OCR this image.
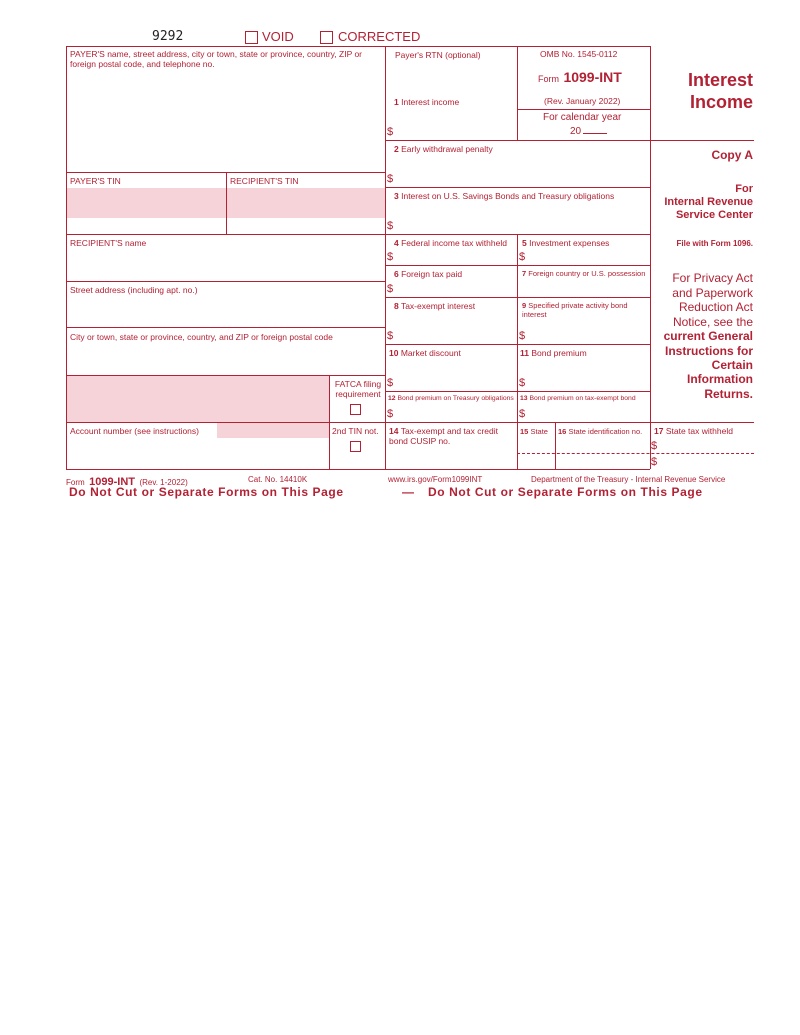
9292	VOID	CORRECTED
PAYER'S name, street address, city or town, state or province, country, ZIP or foreign postal code, and telephone no.
PAYER'S TIN	RECIPIENT'S TIN
RECIPIENT'S name
Street address (including apt. no.)
City or town, state or province, country, and ZIP or foreign postal code
FATCA filing requirement
Account number (see instructions)	2nd TIN not.
Payer's RTN (optional)	OMB No. 1545-0112
Form 1099-INT
(Rev. January 2022)
For calendar year
20
Interest
Income
1 Interest income
$
2 Early withdrawal penalty
$
3 Interest on U.S. Savings Bonds and Treasury obligations
$
4 Federal income tax withheld
$
5 Investment expenses
$
6 Foreign tax paid
$
7 Foreign country or U.S. possession
8 Tax-exempt interest
$
9 Specified private activity bond interest
$
10 Market discount
$
11 Bond premium
$
12 Bond premium on Treasury obligations
$
13 Bond premium on tax-exempt bond
$
14 Tax-exempt and tax credit bond CUSIP no.
15 State 16 State identification no. 17 State tax withheld
$
$
Copy A
For
Internal Revenue
Service Center
File with Form 1096.
For Privacy Act
and Paperwork
Reduction Act
Notice, see the
current General
Instructions for
Certain
Information
Returns.
Form 1099-INT (Rev. 1-2022)	Cat. No. 14410K	www.irs.gov/Form1099INT	Department of the Treasury - Internal Revenue Service
Do Not Cut or Separate Forms on This Page	— Do Not Cut or Separate Forms on This Page
